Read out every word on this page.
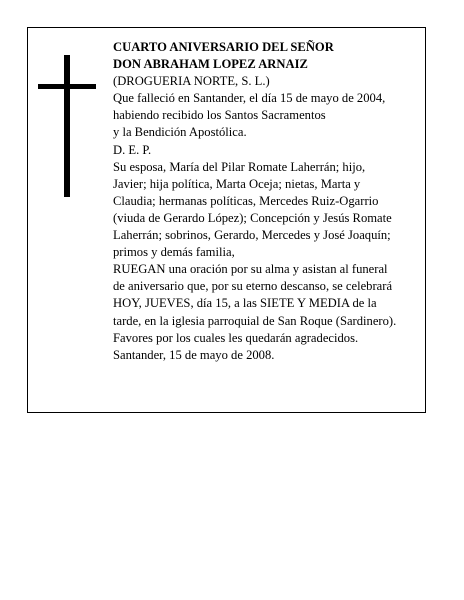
CUARTO ANIVERSARIO DEL SEÑOR
DON ABRAHAM LOPEZ ARNAIZ
(DROGUERIA NORTE, S. L.)
Que falleció en Santander, el día 15 de mayo de 2004,
habiendo recibido los Santos Sacramentos
y la Bendición Apostólica.
D. E. P.
Su esposa, María del Pilar Romate Laherrán; hijo,
Javier; hija política, Marta Oceja; nietas, Marta y
Claudia; hermanas políticas, Mercedes Ruiz-Ogarrio
(viuda de Gerardo López); Concepción y Jesús Romate
Laherrán; sobrinos, Gerardo, Mercedes y José Joaquín;
primos y demás familia,
RUEGAN una oración por su alma y asistan al funeral
de aniversario que, por su eterno descanso, se celebrará
HOY, JUEVES, día 15, a las SIETE Y MEDIA de la
tarde, en la iglesia parroquial de San Roque (Sardinero).
Favores por los cuales les quedarán agradecidos.
Santander, 15 de mayo de 2008.
